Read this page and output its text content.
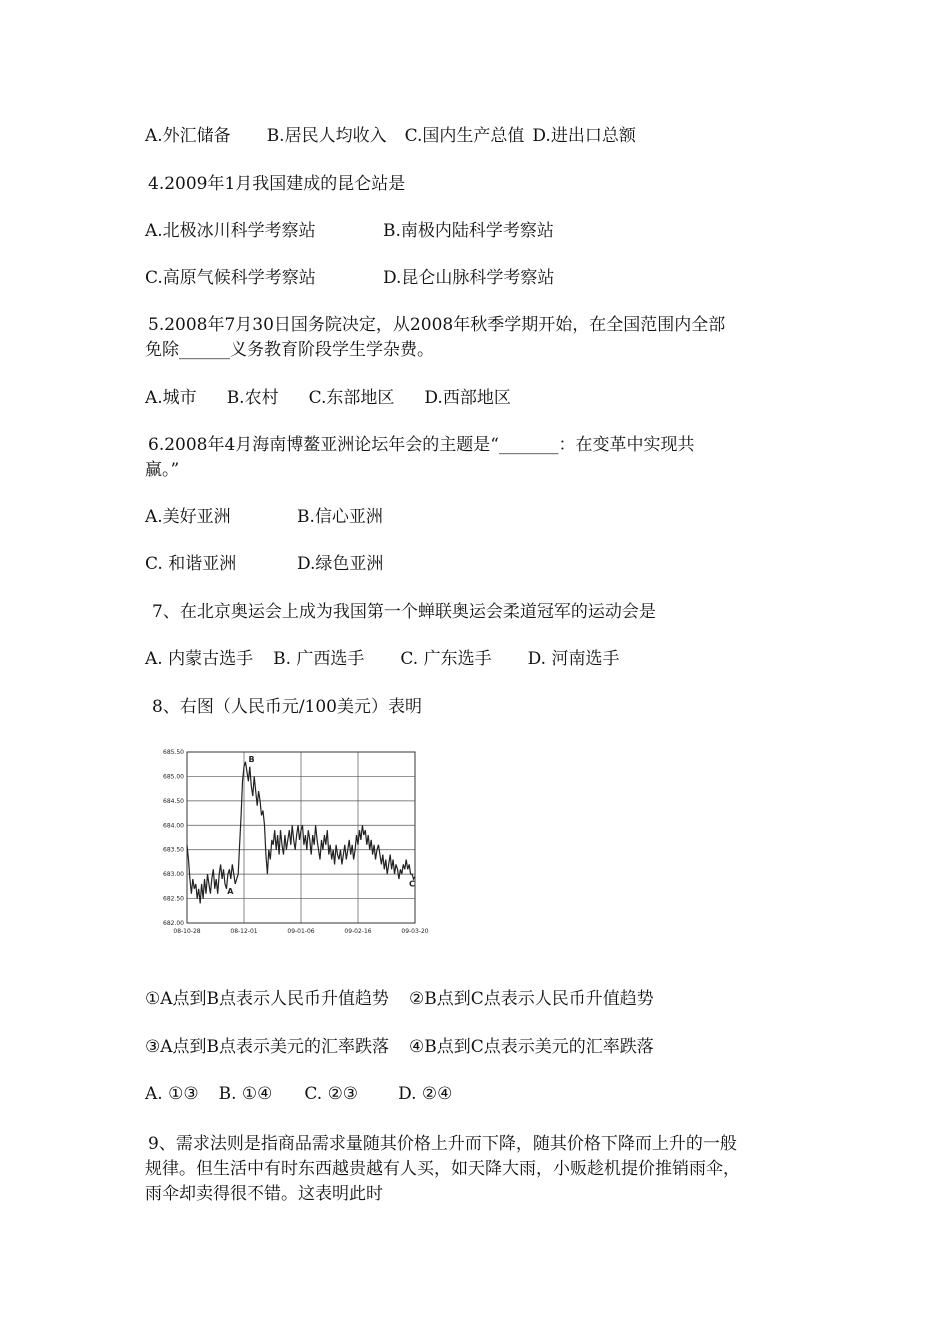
A.外汇储备 B.居民人均收入 C.国内生产总值 D.进出口总额
4.2009年1月我国建成的昆仑站是
A.北极冰川科学考察站	B.南极内陆科学考察站
C.高原气候科学考察站	D.昆仑山脉科学考察站
5.2008年7月30日国务院决定，从2008年秋季学期开始，在全国范围内全部
免除______义务教育阶段学生学杂费。
A.城市 B.农村 C.东部地区 D.西部地区
6.2008年4月海南博鳌亚洲论坛年会的主题是“_______：在变革中实现共
赢。”
A.美好亚洲	B.信心亚洲
C. 和谐亚洲	D.绿色亚洲
7、在北京奥运会上成为我国第一个蝉联奥运会柔道冠军的运动会是
A. 内蒙古选手 B. 广西选手 C. 广东选手 D. 河南选手
8、右图（人民币元/100美元）表明
685.50
685.00
684.50
684.00
683.50
683.00
682.50
682.00
08-10-28	08-12-01	09-01-06	09-02-16	09-03-20
A
B
C
①A点到B点表示人民币升值趋势 ②B点到C点表示人民币升值趋势
③A点到B点表示美元的汇率跌落 ④B点到C点表示美元的汇率跌落
A. ①③ B. ①④ C. ②③ D. ②④
9、需求法则是指商品需求量随其价格上升而下降，随其价格下降而上升的一般
规律。但生活中有时东西越贵越有人买，如天降大雨，小贩趁机提价推销雨伞，
雨伞却卖得很不错。这表明此时
